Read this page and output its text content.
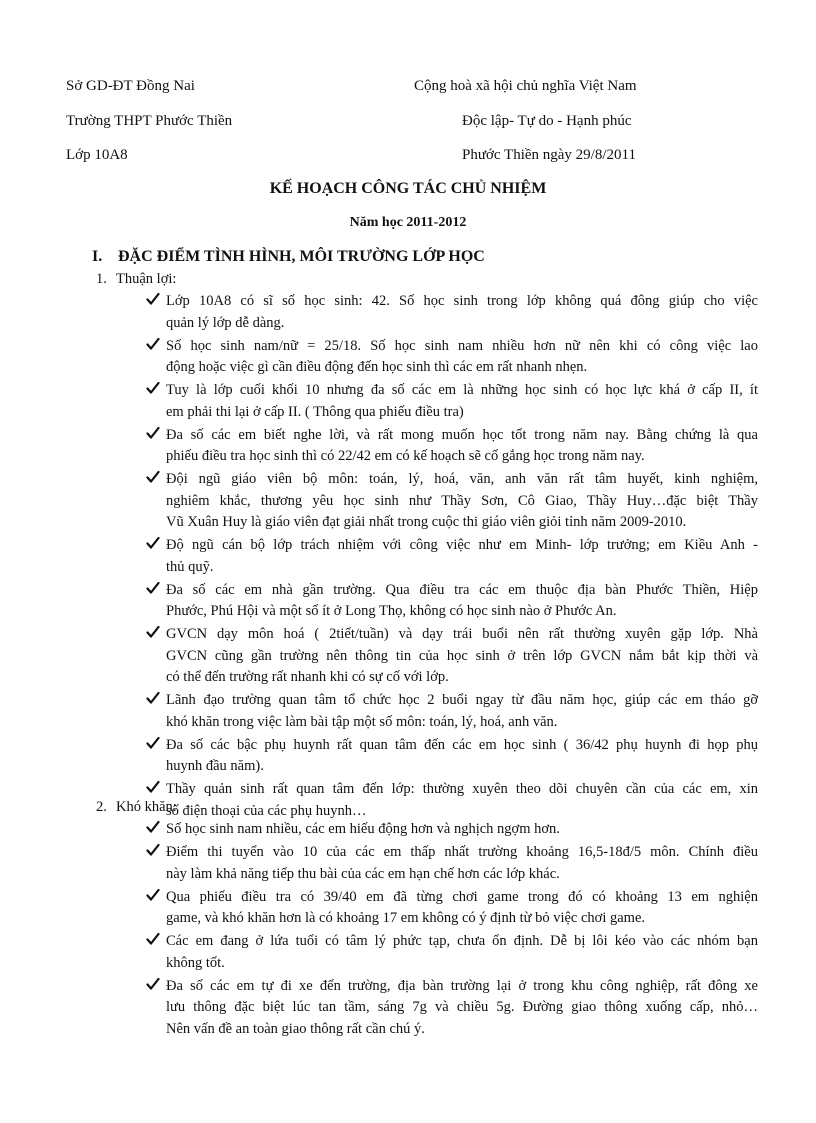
Sở GD-ĐT Đồng Nai
Trường THPT Phước Thiền
Lớp 10A8
Cộng hoà xã hội chủ nghĩa Việt Nam
Độc lập- Tự do - Hạnh phúc
Phước Thiền ngày 29/8/2011
KẾ HOẠCH CÔNG TÁC CHỦ NHIỆM
Năm học 2011-2012
I. ĐẶC ĐIỂM TÌNH HÌNH, MÔI TRƯỜNG LỚP HỌC
1. Thuận lợi:
Lớp 10A8 có sĩ số học sinh: 42. Số học sinh trong lớp không quá đông giúp cho việc
quản lý lớp dễ dàng.
Số học sinh nam/nữ = 25/18. Số học sinh nam nhiều hơn nữ nên khi có công việc lao
động hoặc việc gì cần điều động đến học sinh thì các em rất nhanh nhẹn.
Tuy là lớp cuối khối 10 nhưng đa số các em là những học sinh có học lực khá ở cấp II, ít
em phải thi lại ở cấp II. ( Thông qua phiếu điều tra)
Đa số các em biết nghe lời, và rất mong muốn học tốt trong năm nay. Bằng chứng là qua
phiếu điều tra học sinh thì có 22/42 em có kế hoạch sẽ cố gắng học trong năm nay.
Đội ngũ giáo viên bộ môn: toán, lý, hoá, văn, anh văn rất tâm huyết, kinh nghiệm,
nghiêm khắc, thương yêu học sinh như Thầy Sơn, Cô Giao, Thầy Huy…đặc biệt Thầy
Vũ Xuân Huy là giáo viên đạt giải nhất trong cuộc thi giáo viên giỏi tỉnh năm 2009-2010.
Độ ngũ cán bộ lớp trách nhiệm với công việc như em Minh- lớp trưởng; em Kiều Anh -
thủ quỹ.
Đa số các em nhà gần trường. Qua điều tra các em thuộc địa bàn Phước Thiền, Hiệp
Phước, Phú Hội và một số ít ở Long Thọ, không có học sinh nào ở Phước An.
GVCN dạy môn hoá ( 2tiết/tuần) và dạy trái buổi nên rất thường xuyên gặp lớp. Nhà
GVCN cũng gần trường nên thông tin của học sinh ở trên lớp GVCN nắm bắt kịp thời và
có thể đến trường rất nhanh khi có sự cố với lớp.
Lãnh đạo trường quan tâm tổ chức học 2 buổi ngay từ đầu năm học, giúp các em tháo gỡ
khó khăn trong việc làm bài tập một số môn: toán, lý, hoá, anh văn.
Đa số các bậc phụ huynh rất quan tâm đến các em học sinh ( 36/42 phụ huynh đi họp phụ
huynh đầu năm).
Thầy quản sinh rất quan tâm đến lớp: thường xuyên theo dõi chuyên cần của các em, xin
số điện thoại của các phụ huynh…
2. Khó khăn:
Số học sinh nam nhiều, các em hiếu động hơn và nghịch ngợm hơn.
Điểm thi tuyển vào 10 của các em thấp nhất trường khoảng 16,5-18đ/5 môn. Chính điều
này làm khả năng tiếp thu bài của các em hạn chế hơn các lớp khác.
Qua phiếu điều tra có 39/40 em đã từng chơi game trong đó có khoảng 13 em nghiện
game, và khó khăn hơn là có khoảng 17 em không có ý định từ bỏ việc chơi game.
Các em đang ở lứa tuổi có tâm lý phức tạp, chưa ổn định. Dễ bị lôi kéo vào các nhóm bạn
không tốt.
Đa số các em tự đi xe đến trường, địa bàn trường lại ở trong khu công nghiệp, rất đông xe
lưu thông đặc biệt lúc tan tầm, sáng 7g và chiều 5g. Đường giao thông xuống cấp, nhỏ…
Nên vấn đề an toàn giao thông rất cần chú ý.
